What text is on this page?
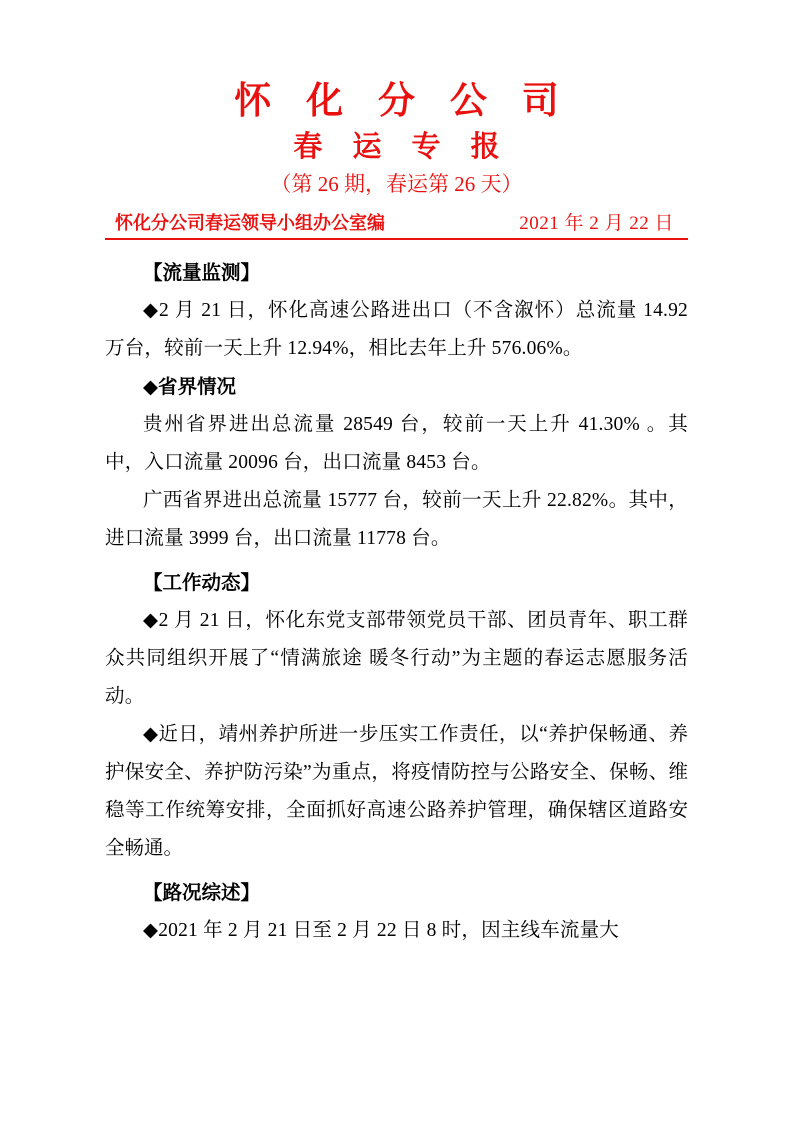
怀 化 分 公 司
春 运 专 报
（第 26 期，春运第 26 天）
怀化分公司春运领导小组办公室编	2021 年 2 月 22 日
【流量监测】

◆2 月 21 日，怀化高速公路进出口（不含溆怀）总流量 14.92 万台，较前一天上升 12.94%，相比去年上升 576.06%。

◆省界情况

贵州省界进出总流量 28549 台，较前一天上升 41.30% 。其中，入口流量 20096 台，出口流量 8453 台。

广西省界进出总流量 15777 台，较前一天上升 22.82%。其中，进口流量 3999 台，出口流量 11778 台。

【工作动态】

◆2 月 21 日，怀化东党支部带领党员干部、团员青年、职工群众共同组织开展了“情满旅途 暖冬行动”为主题的春运志愿服务活动。

◆近日，靖州养护所进一步压实工作责任，以“养护保畅通、养护保安全、养护防污染”为重点，将疫情防控与公路安全、保畅、维稳等工作统筹安排，全面抓好高速公路养护管理，确保辖区道路安全畅通。

【路况综述】

◆2021 年 2 月 21 日至 2 月 22 日 8 时，因主线车流量大
